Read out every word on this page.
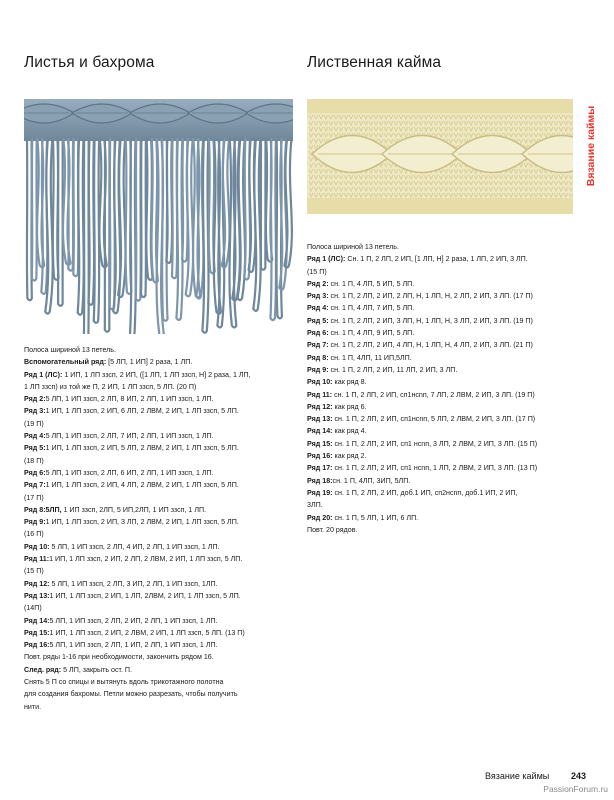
Листья и бахрома	Лиственная кайма
Вязание каймы

Полоса шириной 13 петель.

Вспомогательный ряд: [5 ЛП, 1 ИП] 2 раза, 1 ЛП.

Ряд 1 (ЛС): 1 ИП, 1 ЛП ззсп, 2 ИП, ([1 ЛП, 1 ЛП ззсп, Н] 2 раза, 1 ЛП,

1 ЛП ззсп) из той же П, 2 ИП, 1 ЛП ззсп, 5 ЛП. (20 П)

Ряд 2:5 ЛП, 1 ИП ззсп, 2 ЛП, 8 ИП, 2 ЛП, 1 ИП ззсп, 1 ЛП.

Ряд 3:1 ИП, 1 ЛП ззсп, 2 ИП, 6 ЛП, 2 ЛВМ, 2 ИП, 1 ЛП ззсп, 5 ЛП.

(19 П)

Ряд 4:5 ЛП, 1 ИП ззсп, 2 ЛП, 7 ИП, 2 ЛП, 1 ИП ззсп, 1 ЛП.

Ряд 5:1 ИП, 1 ЛП ззсп, 2 ИП, 5 ЛП, 2 ЛВМ, 2 ИП, 1 ЛП ззсп, 5 ЛП.

(18 П)

Ряд 6:5 ЛП, 1 ИП ззсп, 2 ЛП, 6 ИП, 2 ЛП, 1 ИП ззсп, 1 ЛП.

Ряд 7:1 ИП, 1 ЛП ззсп, 2 ИП, 4 ЛП, 2 ЛВМ, 2 ИП, 1 ЛП ззсп, 5 ЛП.

(17 П)

Ряд 8:5ЛП, 1 ИП ззсп, 2ЛП, 5 ИП,2ЛП, 1 ИП ззсп, 1 ЛП.

Ряд 9:1 ИП, 1 ЛП ззсп, 2 ИП, 3 ЛП, 2 ЛВМ, 2 ИП, 1 ЛП ззсп, 5 ЛП.

(16 П)

Ряд 10: 5 ЛП, 1 ИП ззсп, 2 ЛП, 4 ИП, 2 ЛП, 1 ИП ззсп, 1 ЛП.

Ряд 11:1 ИП, 1 ЛП ззсп, 2 ИП, 2 ЛП, 2 ЛВМ, 2 ИП, 1 ЛП ззсп, 5 ЛП.

(15 П)

Ряд 12: 5 ЛП, 1 ИП ззсп, 2 ЛП, 3 ИП, 2 ЛП, 1 ИП ззсп, 1ЛП.

Ряд 13:1 ИП, 1 ЛП ззсп, 2 ИП, 1 ЛП, 2ЛВМ, 2 ИП, 1 ЛП ззсп, 5 ЛП.

(14П)

Ряд 14:5 ЛП, 1 ИП ззсп, 2 ЛП, 2 ИП, 2 ЛП, 1 ИП ззсп, 1 ЛП.

Ряд 15:1 ИП, 1 ЛП ззсп, 2 ИП, 2 ЛВМ, 2 ИП, 1 ЛП ззсп, 5 ЛП. (13 П)

Ряд 16:5 ЛП, 1 ИП ззсп, 2 ЛП, 1 ИП, 2 ЛП, 1 ИП ззсп, 1 ЛП.

Повт. ряды 1-16 при необходимости, закончить рядом 16.

След. ряд: 5 ЛП, закрыть ост. П.

Снять 5 П со спицы и вытянуть вдоль трикотажного полотна

для создания бахромы. Петли можно разрезать, чтобы получить

нити.

Полоса шириной 13 петель.

Ряд 1 (ЛС): Сн. 1 П, 2 ЛП, 2 ИП, [1 ЛП, Н] 2 раза, 1 ЛП, 2 ИП, 3 ЛП.

(15 П)

Ряд 2: сн. 1 П, 4 ЛП, 5 ИП, 5 ЛП.

Ряд 3: сн. 1 П, 2 ЛП, 2 ИП, 2 ЛП, Н, 1 ЛП, Н, 2 ЛП, 2 ИП, 3 ЛП. (17 П)

Ряд 4: сн. 1 П, 4 ЛП, 7 ИП, 5 ЛП.

Ряд 5: сн. 1 П, 2 ЛП, 2 ИП, 3 ЛП, Н, 1 ЛП, Н, 3 ЛП, 2 ИП, 3 ЛП. (19 П)

Ряд 6: сн. 1 П, 4 ЛП, 9 ИП, 5 ЛП.

Ряд 7: сн. 1 П, 2 ЛП, 2 ИП, 4 ЛП, Н, 1 ЛП, Н, 4 ЛП, 2 ИП, 3 ЛП. (21 П)

Ряд 8: сн. 1 П, 4ЛП, 11 ИП,5ЛП.

Ряд 9: сн. 1 П, 2 ЛП, 2 ИП, 11 ЛП, 2 ИП, 3 ЛП.

Ряд 10: как ряд 8.

Ряд 11: сн. 1 П, 2 ЛП, 2 ИП, сп1нсnп, 7 ЛП, 2 ЛВМ, 2 ИП, 3 ЛП. (19 П)

Ряд 12: как ряд 6.

Ряд 13: сн. 1 П, 2 ЛП, 2 ИП, сп1нсnп, 5 ЛП, 2 ЛВМ, 2 ИП, 3 ЛП. (17 П)

Ряд 14: как ряд 4.

Ряд 15: сн. 1 П, 2 ЛП, 2 ИП, сп1 нсnп, 3 ЛП, 2 ЛВМ, 2 ИП, 3 ЛП. (15 П)

Ряд 16: как ряд 2.

Ряд 17: сн. 1 П, 2 ЛП, 2 ИП, сп1 нсnп, 1 ЛП, 2 ЛВМ, 2 ИП, 3 ЛП. (13 П)

Ряд 18:сн. 1 П, 4ЛП, 3ИП, 5ЛП.

Ряд 19: сн. 1 П, 2 ЛП, 2 ИП, доб.1 ИП, сп2нсnп, доб.1 ИП, 2 ИП,

3ЛП.

Ряд 20: сн. 1 П, 5 ЛП, 1 ИП, 6 ЛП.

Повт. 20 рядов.

Вязание каймы 243
PassionForum.ru
